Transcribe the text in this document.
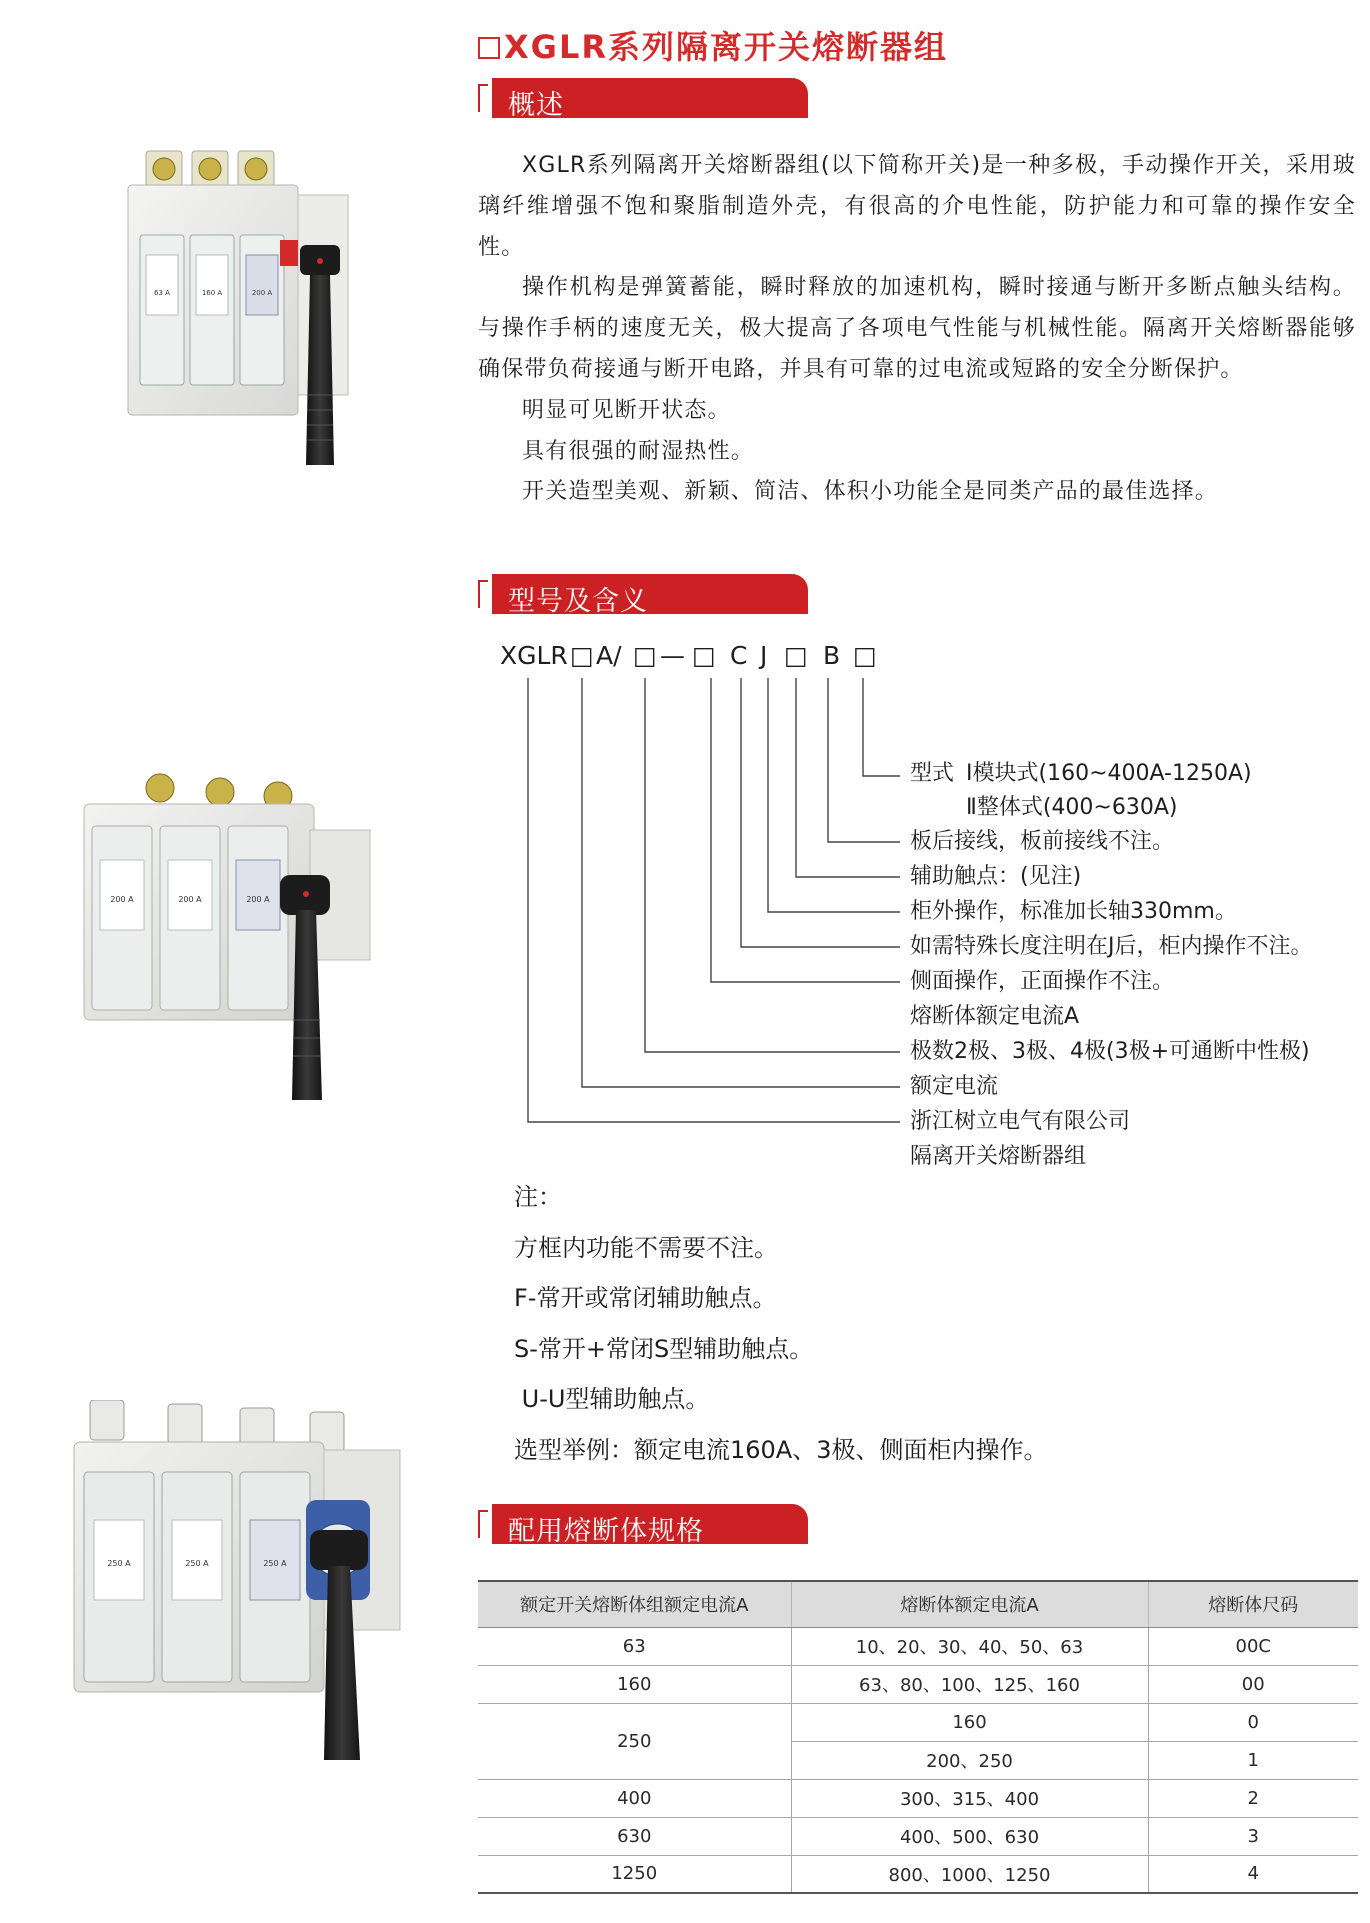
XGLR系列隔离开关熔断器组
概述

XGLR系列隔离开关熔断器组(以下简称开关)是一种多极，手动操作开关，采用玻璃纤维增强不饱和聚脂制造外壳，有很高的介电性能，防护能力和可靠的操作安全性。

操作机构是弹簧蓄能，瞬时释放的加速机构，瞬时接通与断开多断点触头结构。与操作手柄的速度无关，极大提高了各项电气性能与机械性能。隔离开关熔断器能够确保带负荷接通与断开电路，并具有可靠的过电流或短路的安全分断保护。

明显可见断开状态。

具有很强的耐湿热性。

开关造型美观、新颖、简洁、体积小功能全是同类产品的最佳选择。

型号及含义
XGLR □ A/ □ — □ C J □ B □
型式 Ⅰ模块式(160~400A-1250A)
Ⅱ整体式(400~630A)
板后接线，板前接线不注。
辅助触点：(见注)
柜外操作，标准加长轴330mm。
如需特殊长度注明在J后，柜内操作不注。
侧面操作，正面操作不注。
熔断体额定电流A
极数2极、3极、4极(3极+可通断中性极)
额定电流
浙江树立电气有限公司
隔离开关熔断器组
注：
方框内功能不需要不注。
F-常开或常闭辅助触点。
S-常开+常闭S型辅助触点。
U-U型辅助触点。
选型举例：额定电流160A、3极、侧面柜内操作。
配用熔断体规格
额定开关熔断体组额定电流A	熔断体额定电流A	熔断体尺码
63	10、20、30、40、50、63	00C
160	63、80、100、125、160	00
250	160	0
	200、250	1
400	300、315、400	2
630	400、500、630	3
1250	800、1000、1250	4
63 A	160 A	200 A
200 A	200 A	200 A
250 A	250 A	250 A
